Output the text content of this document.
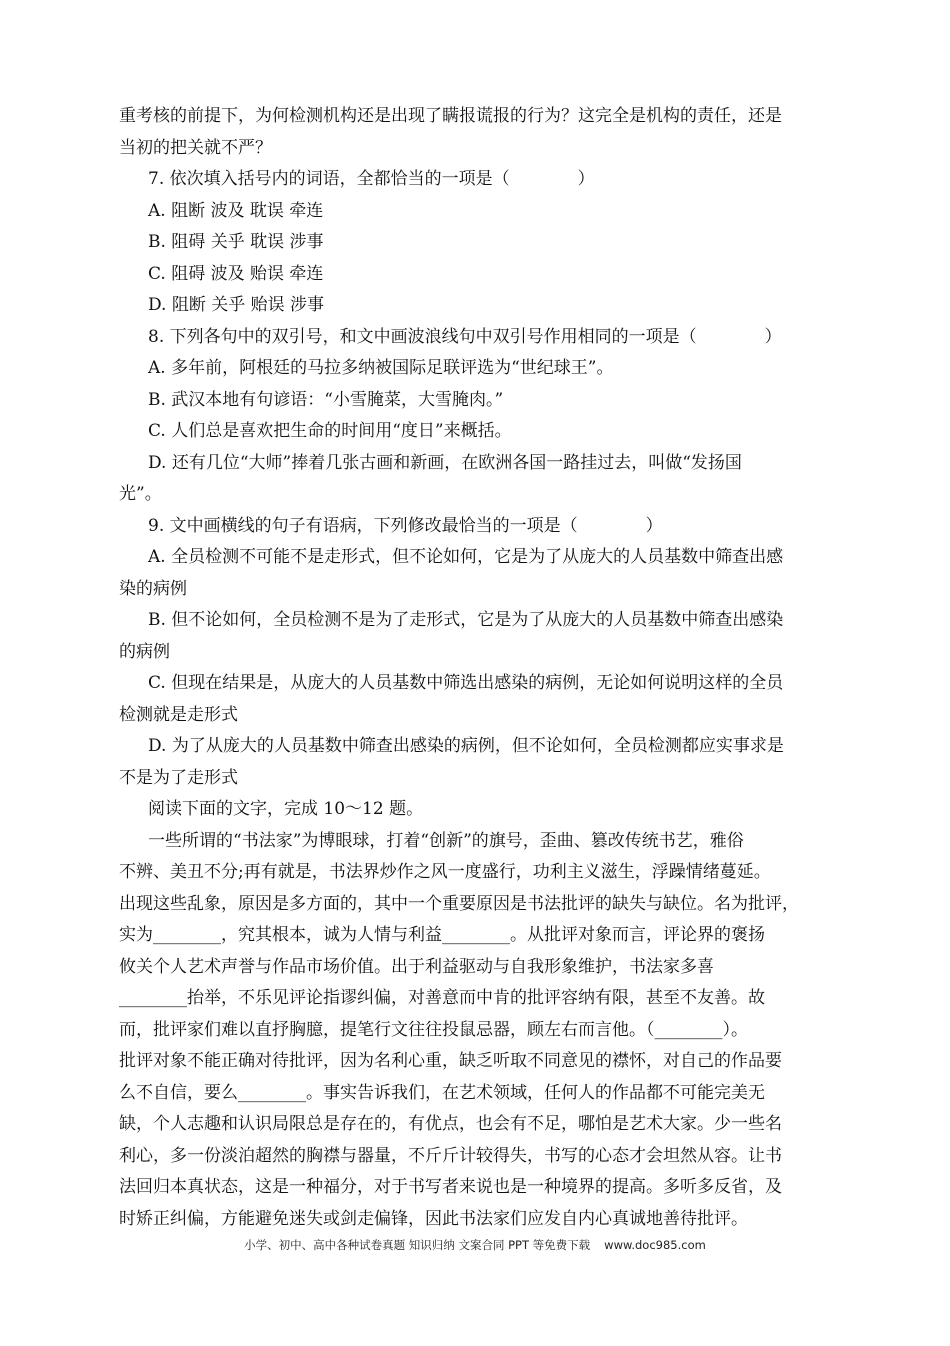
重考核的前提下，为何检测机构还是出现了瞒报谎报的行为？这完全是机构的责任，还是
当初的把关就不严？
7. 依次填入括号内的词语，全都恰当的一项是（　　　　）
A. 阻断 波及 耽误 牵连
B. 阻碍 关乎 耽误 涉事
C. 阻碍 波及 贻误 牵连
D. 阻断 关乎 贻误 涉事
8. 下列各句中的双引号，和文中画波浪线句中双引号作用相同的一项是（　　　　）
A. 多年前，阿根廷的马拉多纳被国际足联评选为“世纪球王”。
B. 武汉本地有句谚语：“小雪腌菜，大雪腌肉。”
C. 人们总是喜欢把生命的时间用“度日”来概括。
D. 还有几位“大师”捧着几张古画和新画，在欧洲各国一路挂过去，叫做“发扬国
光”。
9. 文中画横线的句子有语病，下列修改最恰当的一项是（　　　　）
A. 全员检测不可能不是走形式，但不论如何，它是为了从庞大的人员基数中筛查出感
染的病例
B. 但不论如何，全员检测不是为了走形式，它是为了从庞大的人员基数中筛查出感染
的病例
C. 但现在结果是，从庞大的人员基数中筛选出感染的病例，无论如何说明这样的全员
检测就是走形式
D. 为了从庞大的人员基数中筛查出感染的病例，但不论如何，全员检测都应实事求是
不是为了走形式
阅读下面的文字，完成 10～12 题。
一些所谓的“书法家”为博眼球，打着“创新”的旗号，歪曲、篡改传统书艺，雅俗
不辨、美丑不分;再有就是，书法界炒作之风一度盛行，功利主义滋生，浮躁情绪蔓延。
出现这些乱象，原因是多方面的，其中一个重要原因是书法批评的缺失与缺位。名为批评，
实为________，究其根本，诚为人情与利益________。从批评对象而言，评论界的褒扬
攸关个人艺术声誉与作品市场价值。出于利益驱动与自我形象维护，书法家多喜
________抬举，不乐见评论指谬纠偏，对善意而中肯的批评容纳有限，甚至不友善。故
而，批评家们难以直抒胸臆，提笔行文往往投鼠忌器，顾左右而言他。（________）。
批评对象不能正确对待批评，因为名利心重，缺乏听取不同意见的襟怀，对自己的作品要
么不自信，要么________。事实告诉我们，在艺术领域，任何人的作品都不可能完美无
缺，个人志趣和认识局限总是存在的，有优点，也会有不足，哪怕是艺术大家。少一些名
利心，多一份淡泊超然的胸襟与器量，不斤斤计较得失，书写的心态才会坦然从容。让书
法回归本真状态，这是一种福分，对于书写者来说也是一种境界的提高。多听多反省，及
时矫正纠偏，方能避免迷失或剑走偏锋，因此书法家们应发自内心真诚地善待批评。
小学、初中、高中各种试卷真题 知识归纳 文案合同 PPT 等免费下载 www.doc985.com
